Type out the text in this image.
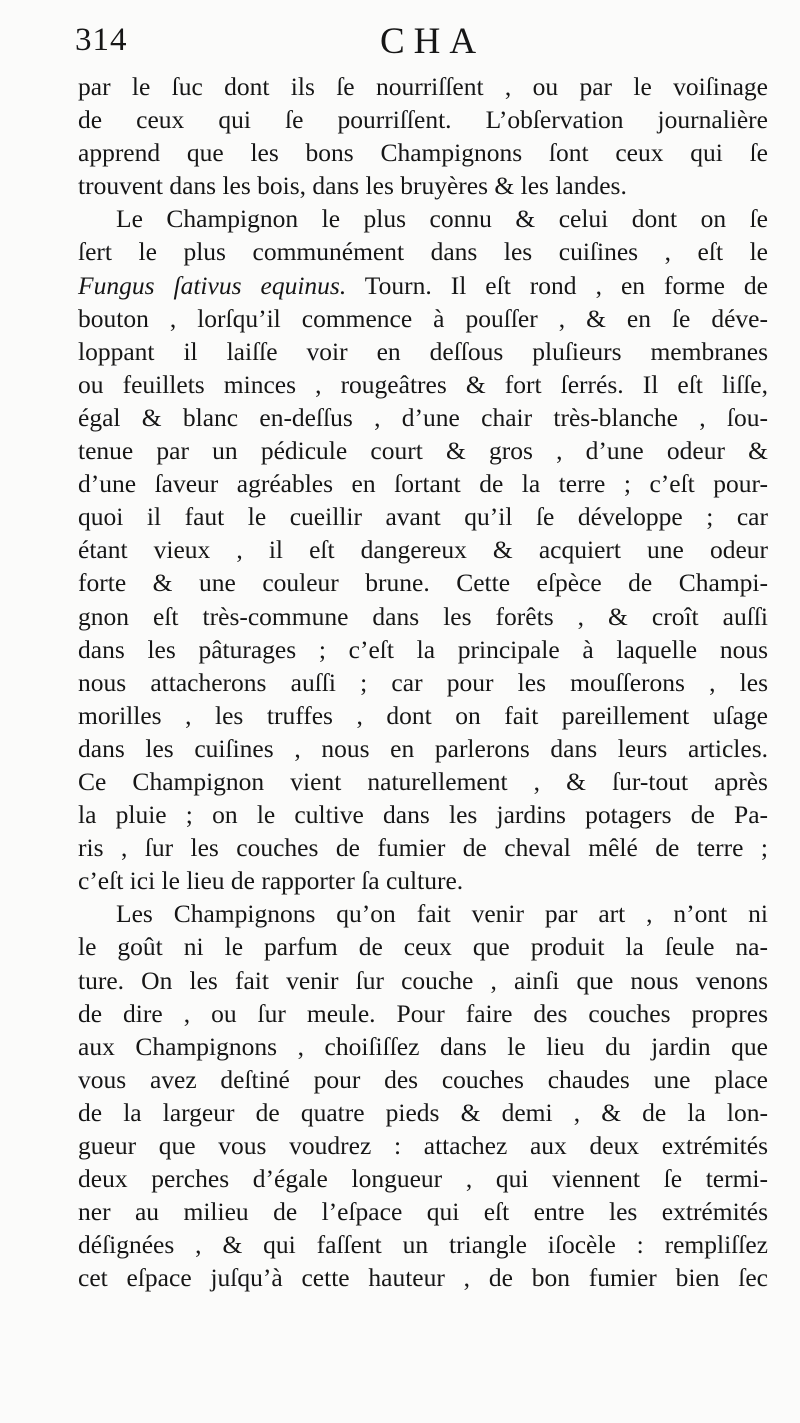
314	CHA
par le ſuc dont ils ſe nourriſſent , ou par le voiſinage
de ceux qui ſe pourriſſent. L’obſervation journalière
apprend que les bons Champignons ſont ceux qui ſe
trouvent dans les bois, dans les bruyères & les landes.
Le Champignon le plus connu & celui dont on ſe
ſert le plus communément dans les cuiſines , eſt le
Fungus ſativus equinus. Tourn. Il eſt rond , en forme de
bouton , lorſqu’il commence à pouſſer , & en ſe déve-
loppant il laiſſe voir en deſſous pluſieurs membranes
ou feuillets minces , rougeâtres & fort ſerrés. Il eſt liſſe,
égal & blanc en-deſſus , d’une chair très-blanche , ſou-
tenue par un pédicule court & gros , d’une odeur &
d’une ſaveur agréables en ſortant de la terre ; c’eſt pour-
quoi il faut le cueillir avant qu’il ſe développe ; car
étant vieux , il eſt dangereux & acquiert une odeur
forte & une couleur brune. Cette eſpèce de Champi-
gnon eſt très-commune dans les forêts , & croît auſſi
dans les pâturages ; c’eſt la principale à laquelle nous
nous attacherons auſſi ; car pour les mouſſerons , les
morilles , les truffes , dont on fait pareillement uſage
dans les cuiſines , nous en parlerons dans leurs articles.
Ce Champignon vient naturellement , & ſur-tout après
la pluie ; on le cultive dans les jardins potagers de Pa-
ris , ſur les couches de fumier de cheval mêlé de terre ;
c’eſt ici le lieu de rapporter ſa culture.
Les Champignons qu’on fait venir par art , n’ont ni
le goût ni le parfum de ceux que produit la ſeule na-
ture. On les fait venir ſur couche , ainſi que nous venons
de dire , ou ſur meule. Pour faire des couches propres
aux Champignons , choiſiſſez dans le lieu du jardin que
vous avez deſtiné pour des couches chaudes une place
de la largeur de quatre pieds & demi , & de la lon-
gueur que vous voudrez : attachez aux deux extrémités
deux perches d’égale longueur , qui viennent ſe termi-
ner au milieu de l’eſpace qui eſt entre les extrémités
déſignées , & qui faſſent un triangle iſocèle : rempliſſez
cet eſpace juſqu’à cette hauteur , de bon fumier bien ſec
